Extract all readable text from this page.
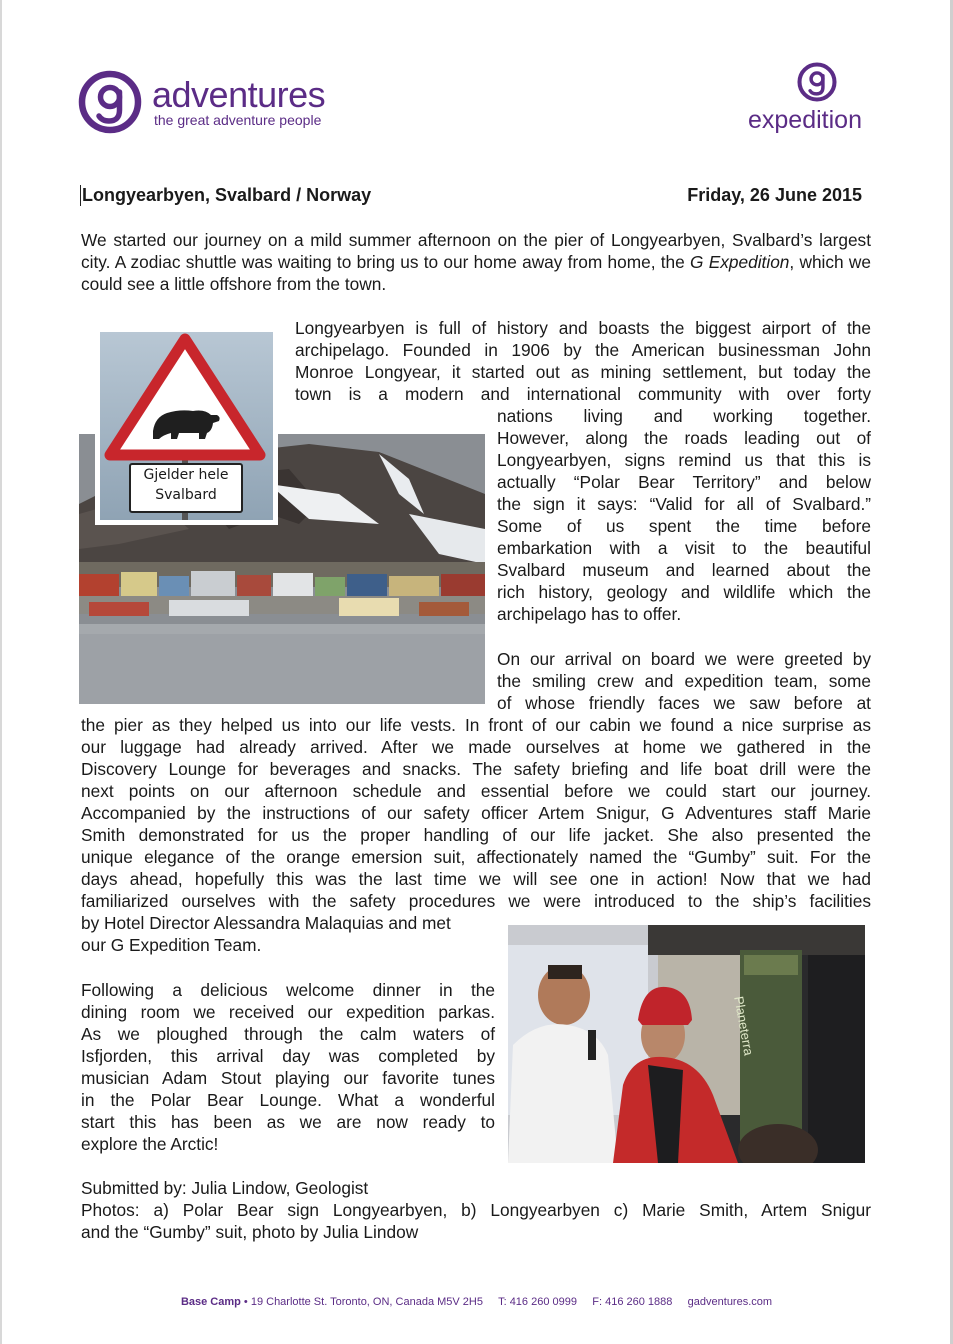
adventures
the great adventure people	expedition
Longyearbyen, Svalbard / Norway	Friday, 26 June 2015

We started our journey on a mild summer afternoon on the pier of Longyearbyen, Svalbard’s largest city. A zodiac shuttle was waiting to bring us to our home away from home, the G Expedition, which we could see a little offshore from the town.

Gjelder hele
Svalbard
Longyearbyen is full of history and boasts the biggest airport of the
archipelago. Founded in 1906 by the American businessman John
Monroe Longyear, it started out as mining settlement, but today the
town is a modern and international community with over forty
nations living and working together.
However, along the roads leading out of
Longyearbyen, signs remind us that this is
actually “Polar Bear Territory” and below
the sign it says: “Valid for all of Svalbard.”
Some of us spent the time before
embarkation with a visit to the beautiful
Svalbard museum and learned about the
rich history, geology and wildlife which the
archipelago has to offer.
On our arrival on board we were greeted by
the smiling crew and expedition team, some
of whose friendly faces we saw before at
the pier as they helped us into our life vests. In front of our cabin we found a nice surprise as
our luggage had already arrived. After we made ourselves at home we gathered in the
Discovery Lounge for beverages and snacks. The safety briefing and life boat drill were the
next points on our afternoon schedule and essential before we could start our journey.
Accompanied by the instructions of our safety officer Artem Snigur, G Adventures staff Marie
Smith demonstrated for us the proper handling of our life jacket. She also presented the
unique elegance of the orange emersion suit, affectionately named the “Gumby” suit. For the
days ahead, hopefully this was the last time we will see one in action! Now that we had
familiarized ourselves with the safety procedures we were introduced to the ship’s facilities
by Hotel Director Alessandra Malaquias and met
our G Expedition Team.
Planeterra
Following a delicious welcome dinner in the
dining room we received our expedition parkas.
As we ploughed through the calm waters of
Isfjorden, this arrival day was completed by
musician Adam Stout playing our favorite tunes
in the Polar Bear Lounge. What a wonderful
start this has been as we are now ready to
explore the Arctic!
Submitted by: Julia Lindow, Geologist
Photos: a) Polar Bear sign Longyearbyen, b) Longyearbyen c) Marie Smith, Artem Snigur
and the “Gumby” suit, photo by Julia Lindow
Base Camp • 19 Charlotte St. Toronto, ON, Canada M5V 2H5 T: 416 260 0999 F: 416 260 1888 gadventures.com
